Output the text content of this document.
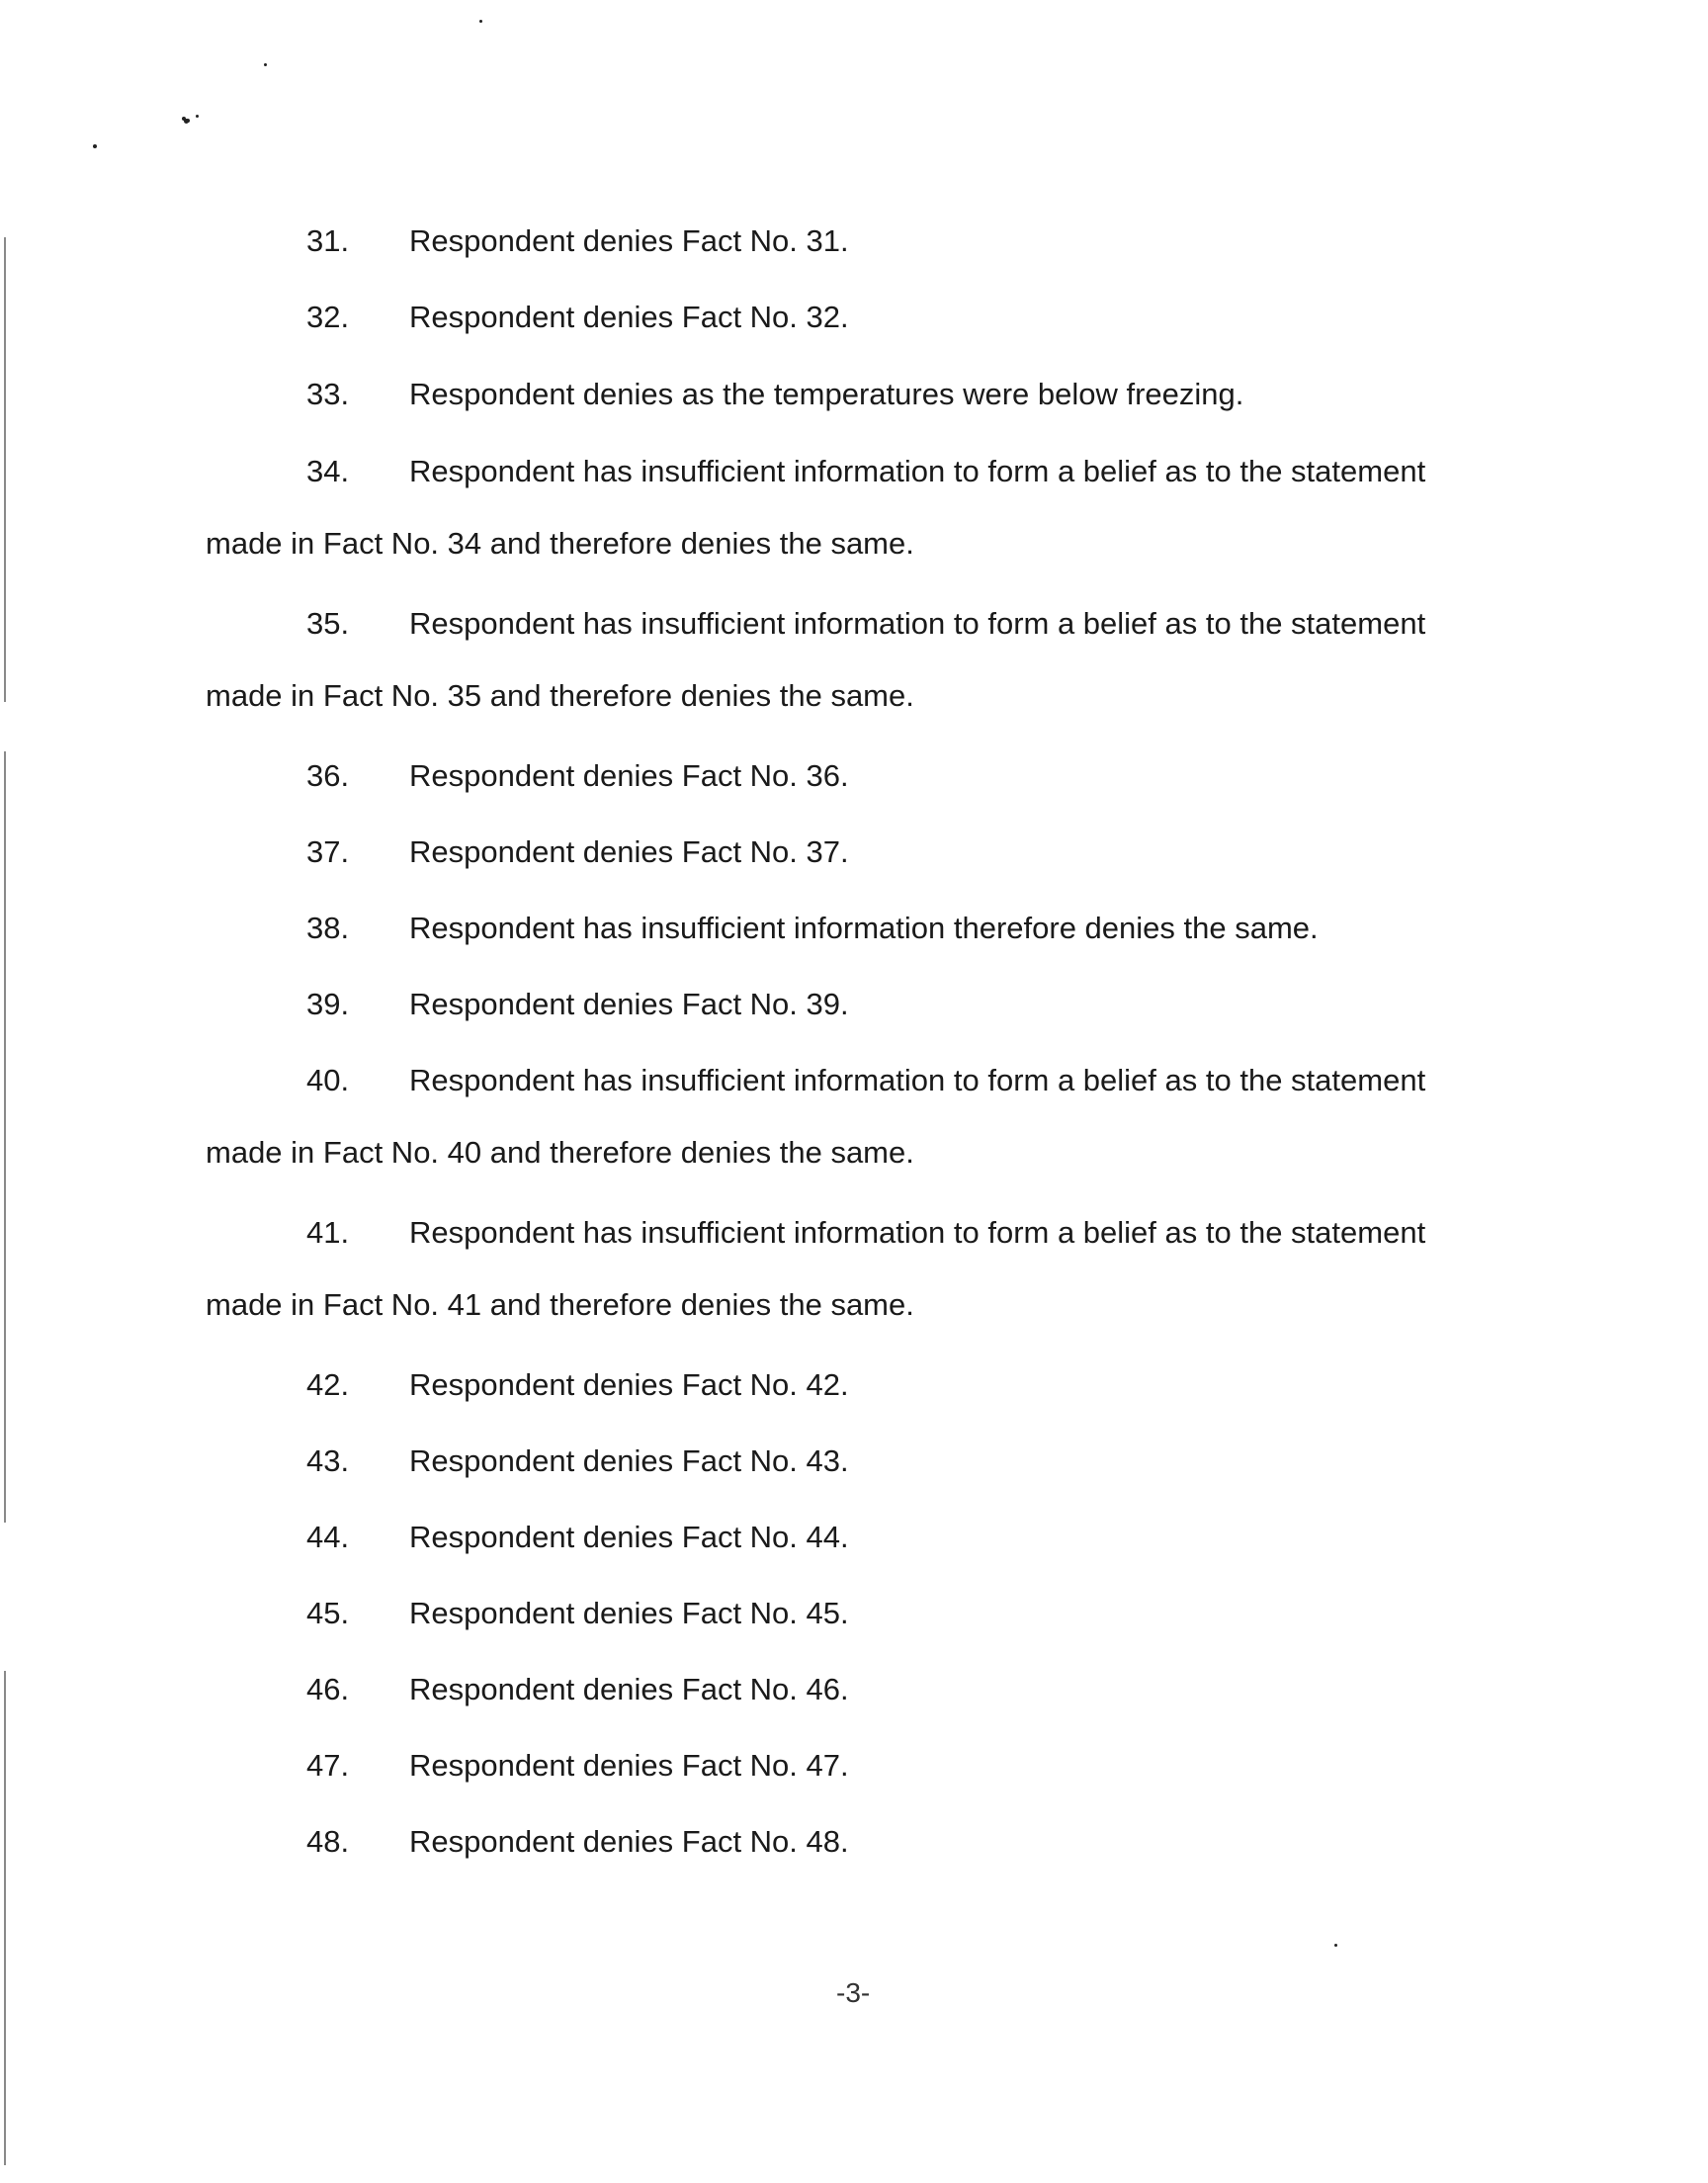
31. Respondent denies Fact No. 31.
32. Respondent denies Fact No. 32.
33. Respondent denies as the temperatures were below freezing.
34. Respondent has insufficient information to form a belief as to the statement
made in Fact No. 34 and therefore denies the same.
35. Respondent has insufficient information to form a belief as to the statement
made in Fact No. 35 and therefore denies the same.
36. Respondent denies Fact No. 36.
37. Respondent denies Fact No. 37.
38. Respondent has insufficient information therefore denies the same.
39. Respondent denies Fact No. 39.
40. Respondent has insufficient information to form a belief as to the statement
made in Fact No. 40 and therefore denies the same.
41. Respondent has insufficient information to form a belief as to the statement
made in Fact No. 41 and therefore denies the same.
42. Respondent denies Fact No. 42.
43. Respondent denies Fact No. 43.
44. Respondent denies Fact No. 44.
45. Respondent denies Fact No. 45.
46. Respondent denies Fact No. 46.
47. Respondent denies Fact No. 47.
48. Respondent denies Fact No. 48.
-3-
